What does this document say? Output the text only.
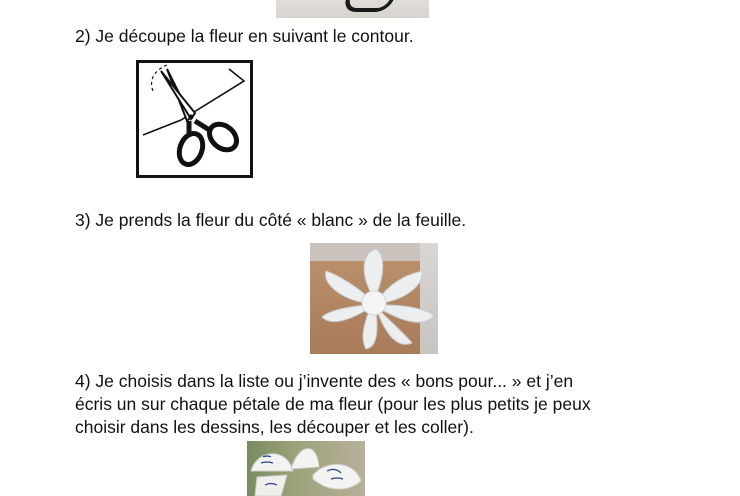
2) Je découpe la fleur en suivant le contour.
3) Je prends la fleur du côté « blanc » de la feuille.
4) Je choisis dans la liste ou j’invente des « bons pour... » et j’en
écris un sur chaque pétale de ma fleur (pour les plus petits je peux
choisir dans les dessins, les découper et les coller).
